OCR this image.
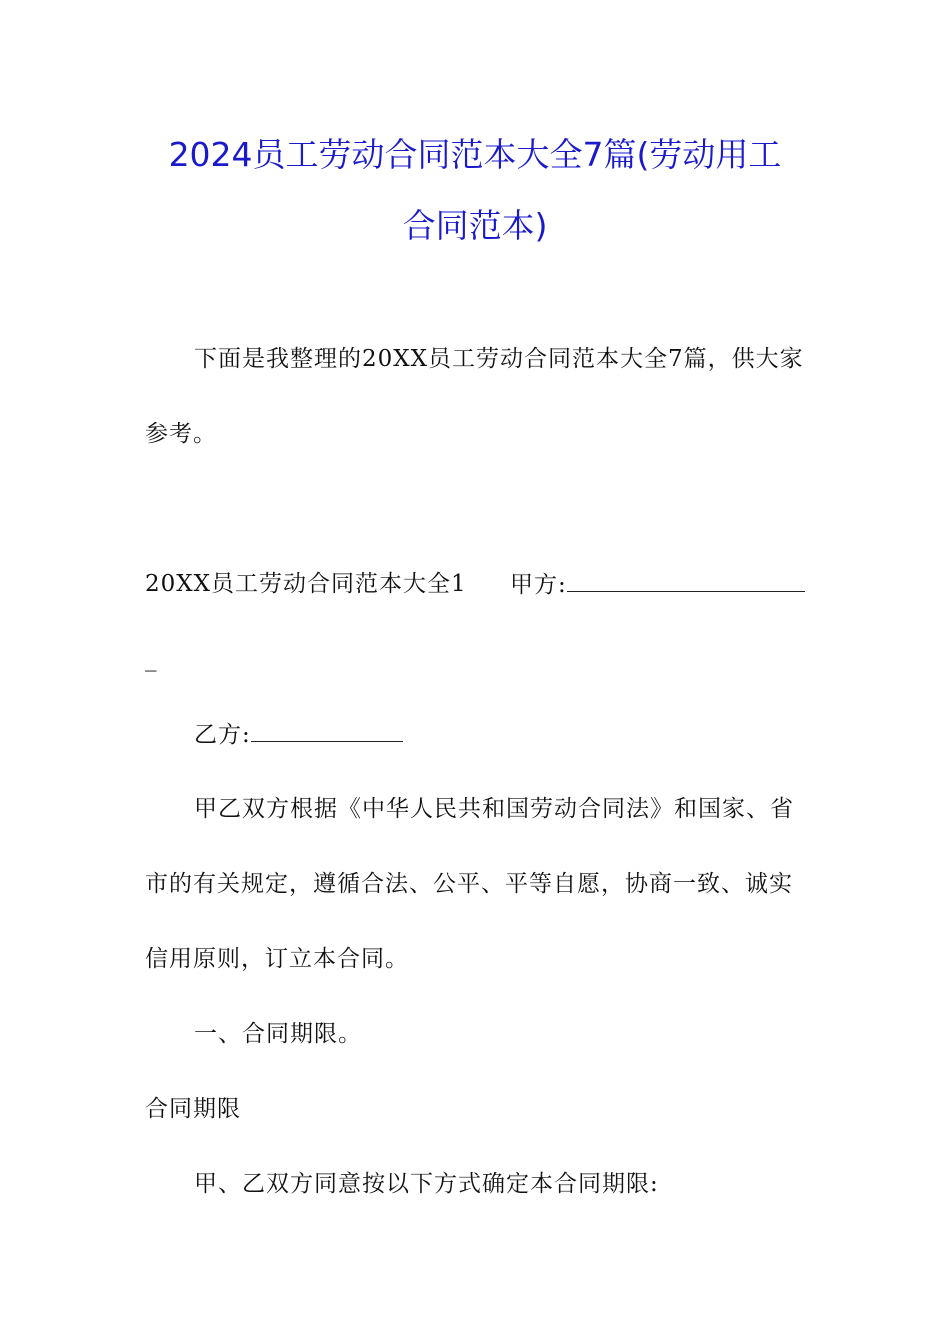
2024员工劳动合同范本大全7篇(劳动用工
合同范本)
下面是我整理的20XX员工劳动合同范本大全7篇，供大家
参考。
20XX员工劳动合同范本大全1 甲方:
_
乙方:
甲乙双方根据《中华人民共和国劳动合同法》和国家、省
市的有关规定，遵循合法、公平、平等自愿，协商一致、诚实
信用原则，订立本合同。
一、合同期限。
合同期限
甲、乙双方同意按以下方式确定本合同期限:
